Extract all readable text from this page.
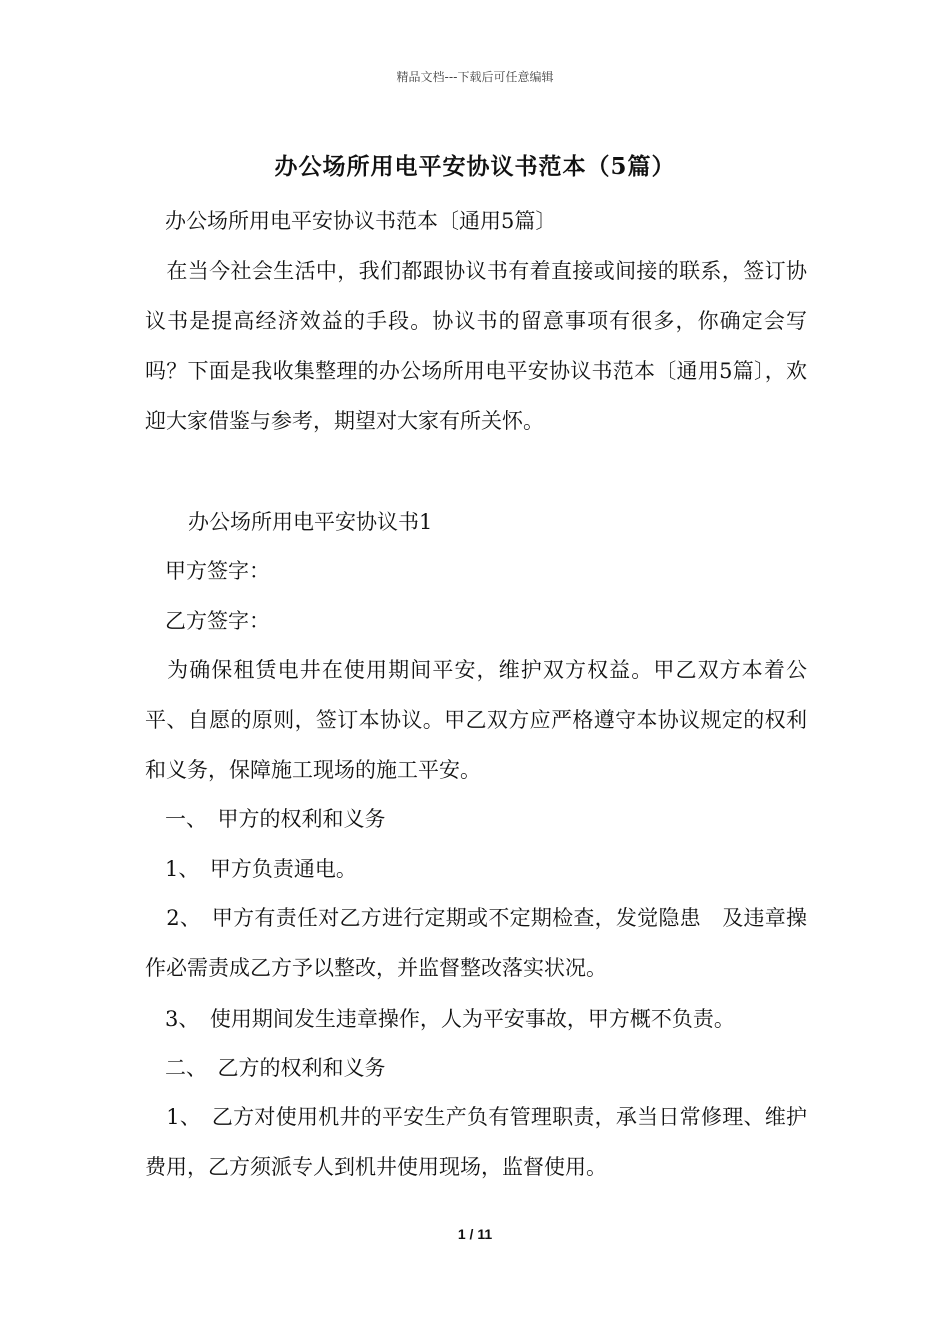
精品文档---下载后可任意编辑
办公场所用电平安协议书范本（5篇）
办公场所用电平安协议书范本〔通用5篇〕
　在当今社会生活中，我们都跟协议书有着直接或间接的联系，签订协议书是提高经济效益的手段。协议书的留意事项有很多，你确定会写吗？下面是我收集整理的办公场所用电平安协议书范本〔通用5篇〕，欢迎大家借鉴与参考，期望对大家有所关怀。
办公场所用电平安协议书1
甲方签字：
乙方签字：
　为确保租赁电井在使用期间平安，维护双方权益。甲乙双方本着公平、自愿的原则，签订本协议。甲乙双方应严格遵守本协议规定的权利和义务，保障施工现场的施工平安。
一、　甲方的权利和义务
1、　甲方负责通电。
　2、　甲方有责任对乙方进行定期或不定期检查，发觉隐患　及违章操作必需责成乙方予以整改，并监督整改落实状况。
3、　使用期间发生违章操作，人为平安事故，甲方概不负责。
二、　乙方的权利和义务
　1、　乙方对使用机井的平安生产负有管理职责，承当日常修理、维护费用，乙方须派专人到机井使用现场，监督使用。
1 / 11
